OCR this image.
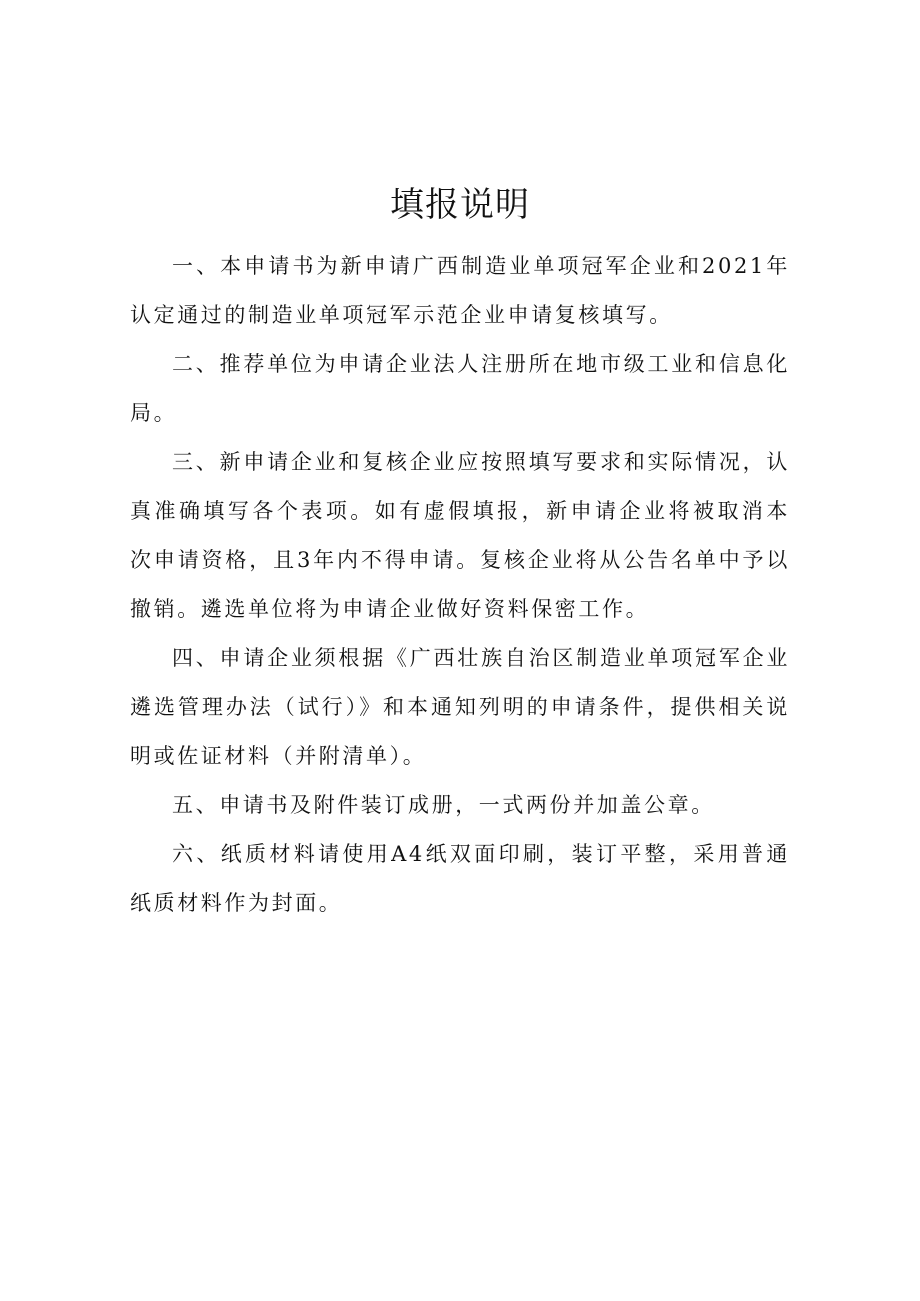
填报说明

一、本申请书为新申请广西制造业单项冠军企业和2021年认定通过的制造业单项冠军示范企业申请复核填写。

二、推荐单位为申请企业法人注册所在地市级工业和信息化局。

三、新申请企业和复核企业应按照填写要求和实际情况，认真准确填写各个表项。如有虚假填报，新申请企业将被取消本次申请资格，且3年内不得申请。复核企业将从公告名单中予以撤销。遴选单位将为申请企业做好资料保密工作。

四、申请企业须根据《广西壮族自治区制造业单项冠军企业遴选管理办法（试行）》和本通知列明的申请条件，提供相关说明或佐证材料（并附清单）。

五、申请书及附件装订成册，一式两份并加盖公章。

六、纸质材料请使用A4纸双面印刷，装订平整，采用普通纸质材料作为封面。
